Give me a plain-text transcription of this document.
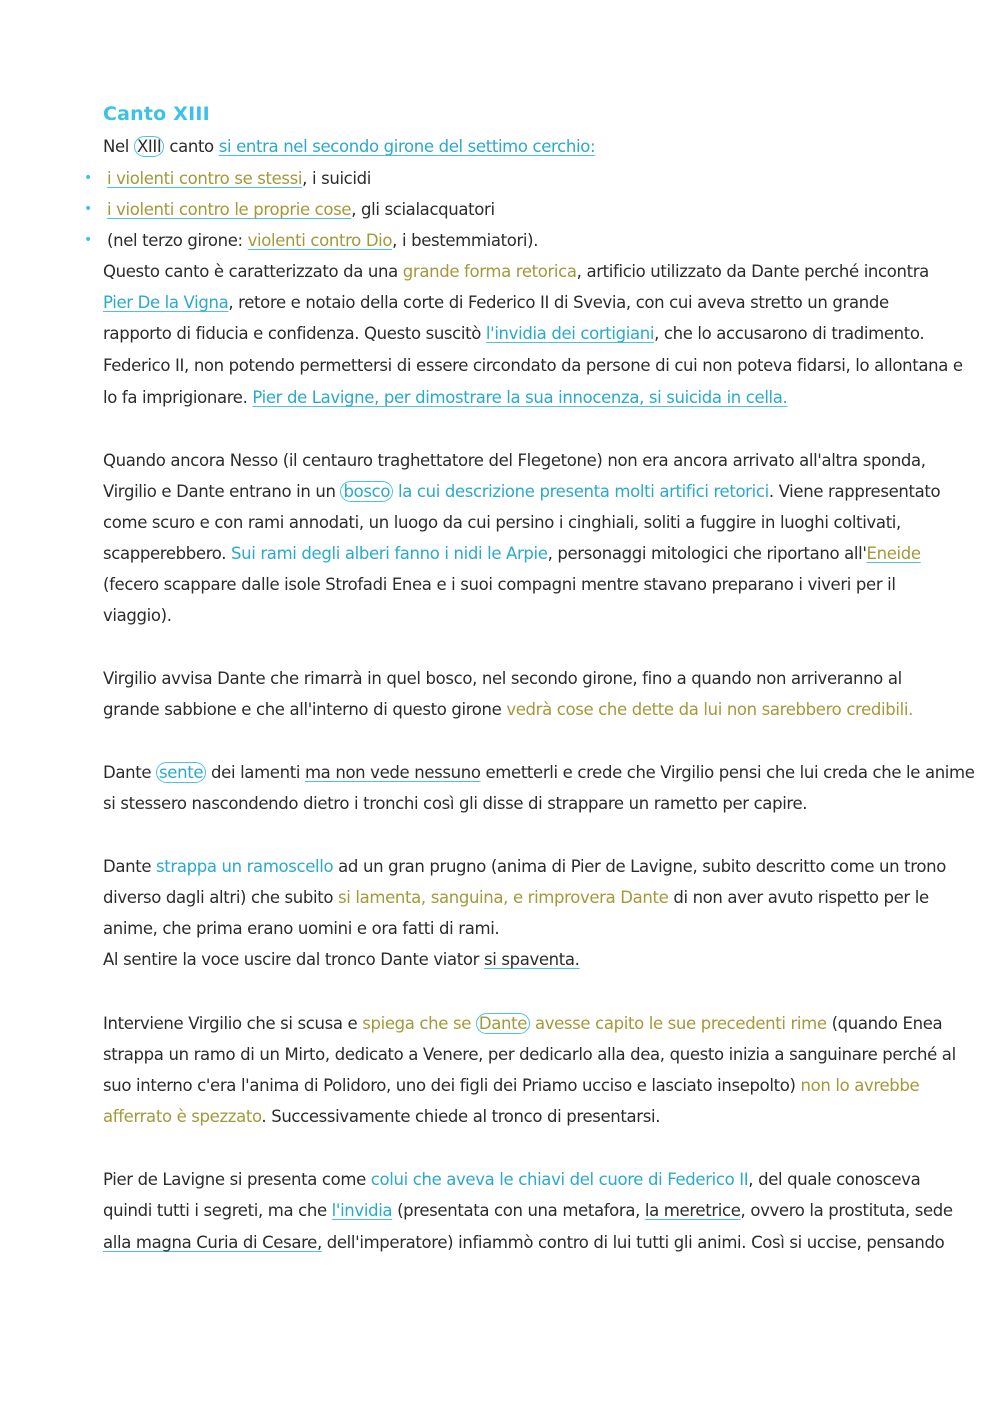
Canto XIII
Nel XIII canto si entra nel secondo girone del settimo cerchio:
• i violenti contro se stessi, i suicidi
• i violenti contro le proprie cose, gli scialacquatori
• (nel terzo girone: violenti contro Dio, i bestemmiatori).
Questo canto è caratterizzato da una grande forma retorica, artificio utilizzato da Dante perché incontra
Pier De la Vigna, retore e notaio della corte di Federico II di Svevia, con cui aveva stretto un grande
rapporto di fiducia e confidenza. Questo suscitò l'invidia dei cortigiani, che lo accusarono di tradimento.
Federico II, non potendo permettersi di essere circondato da persone di cui non poteva fidarsi, lo allontana e
lo fa imprigionare. Pier de Lavigne, per dimostrare la sua innocenza, si suicida in cella.
Quando ancora Nesso (il centauro traghettatore del Flegetone) non era ancora arrivato all'altra sponda,
Virgilio e Dante entrano in un bosco la cui descrizione presenta molti artifici retorici. Viene rappresentato
come scuro e con rami annodati, un luogo da cui persino i cinghiali, soliti a fuggire in luoghi coltivati,
scapperebbero. Sui rami degli alberi fanno i nidi le Arpie, personaggi mitologici che riportano all'Eneide
(fecero scappare dalle isole Strofadi Enea e i suoi compagni mentre stavano preparano i viveri per il
viaggio).
Virgilio avvisa Dante che rimarrà in quel bosco, nel secondo girone, fino a quando non arriveranno al
grande sabbione e che all'interno di questo girone vedrà cose che dette da lui non sarebbero credibili.
Dante sente dei lamenti ma non vede nessuno emetterli e crede che Virgilio pensi che lui creda che le anime
si stessero nascondendo dietro i tronchi così gli disse di strappare un rametto per capire.
Dante strappa un ramoscello ad un gran prugno (anima di Pier de Lavigne, subito descritto come un trono
diverso dagli altri) che subito si lamenta, sanguina, e rimprovera Dante di non aver avuto rispetto per le
anime, che prima erano uomini e ora fatti di rami.
Al sentire la voce uscire dal tronco Dante viator si spaventa.
Interviene Virgilio che si scusa e spiega che se Dante avesse capito le sue precedenti rime (quando Enea
strappa un ramo di un Mirto, dedicato a Venere, per dedicarlo alla dea, questo inizia a sanguinare perché al
suo interno c'era l'anima di Polidoro, uno dei figli dei Priamo ucciso e lasciato insepolto) non lo avrebbe
afferrato è spezzato. Successivamente chiede al tronco di presentarsi.
Pier de Lavigne si presenta come colui che aveva le chiavi del cuore di Federico II, del quale conosceva
quindi tutti i segreti, ma che l'invidia (presentata con una metafora, la meretrice, ovvero la prostituta, sede
alla magna Curia di Cesare, dell'imperatore) infiammò contro di lui tutti gli animi. Così si uccise, pensando
